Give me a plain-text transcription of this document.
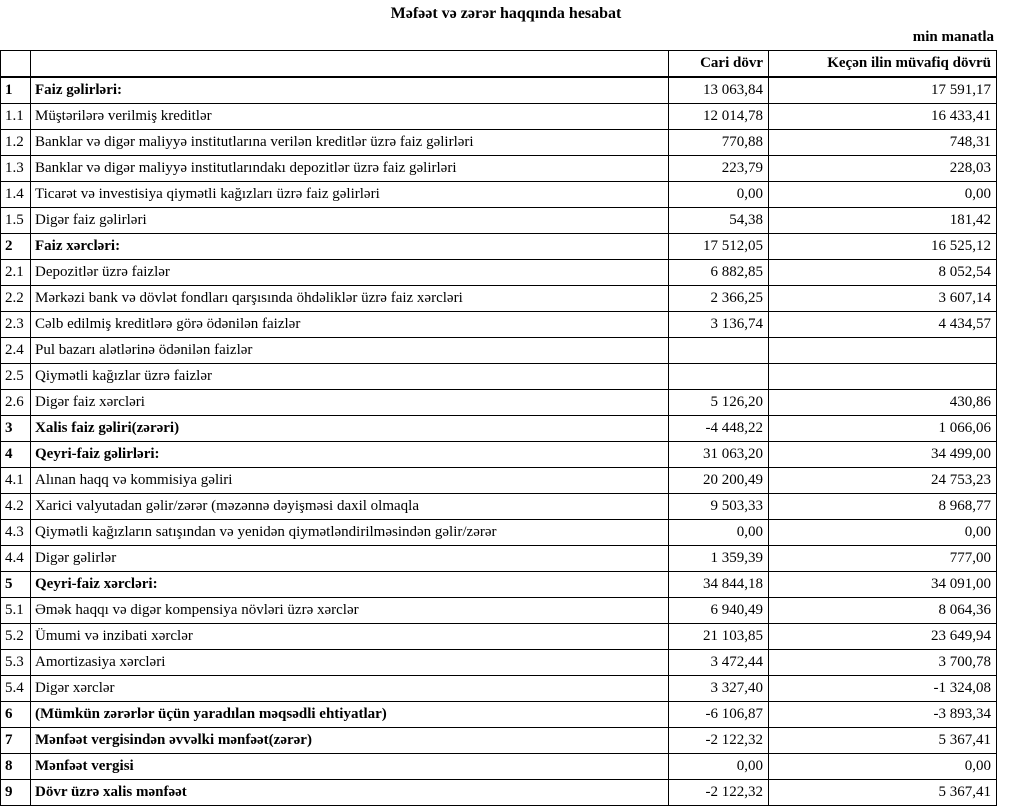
Məfəət və zərər haqqında hesabat
min manatla
		Cari dövr	Keçən ilin müvafiq dövrü
1	Faiz gəlirləri:	13 063,84	17 591,17
1.1	Müştərilərə verilmiş kreditlər	12 014,78	16 433,41
1.2	Banklar və digər maliyyə institutlarına verilən kreditlər üzrə faiz gəlirləri	770,88	748,31
1.3	Banklar və digər maliyyə institutlarındakı depozitlər üzrə faiz gəlirləri	223,79	228,03
1.4	Ticarət və investisiya qiymətli kağızları üzrə faiz gəlirləri	0,00	0,00
1.5	Digər faiz gəlirləri	54,38	181,42
2	Faiz xərcləri:	17 512,05	16 525,12
2.1	Depozitlər üzrə faizlər	6 882,85	8 052,54
2.2	Mərkəzi bank və dövlət fondları qarşısında öhdəliklər üzrə faiz xərcləri	2 366,25	3 607,14
2.3	Cəlb edilmiş kreditlərə görə ödənilən faizlər	3 136,74	4 434,57
2.4	Pul bazarı alətlərinə ödənilən faizlər		
2.5	Qiymətli kağızlar üzrə faizlər		
2.6	Digər faiz xərcləri	5 126,20	430,86
3	Xalis faiz gəliri(zərəri)	-4 448,22	1 066,06
4	Qeyri-faiz gəlirləri:	31 063,20	34 499,00
4.1	Alınan haqq və kommisiya gəliri	20 200,49	24 753,23
4.2	Xarici valyutadan gəlir/zərər (məzənnə dəyişməsi daxil olmaqla	9 503,33	8 968,77
4.3	Qiymətli kağızların satışından və yenidən qiymətləndirilməsindən gəlir/zərər	0,00	0,00
4.4	Digər gəlirlər	1 359,39	777,00
5	Qeyri-faiz xərcləri:	34 844,18	34 091,00
5.1	Əmək haqqı və digər kompensiya növləri üzrə xərclər	6 940,49	8 064,36
5.2	Ümumi və inzibati xərclər	21 103,85	23 649,94
5.3	Amortizasiya xərcləri	3 472,44	3 700,78
5.4	Digər xərclər	3 327,40	-1 324,08
6	(Mümkün zərərlər üçün yaradılan məqsədli ehtiyatlar)	-6 106,87	-3 893,34
7	Mənfəət vergisindən əvvəlki mənfəət(zərər)	-2 122,32	5 367,41
8	Mənfəət vergisi	0,00	0,00
9	Dövr üzrə xalis mənfəət	-2 122,32	5 367,41
